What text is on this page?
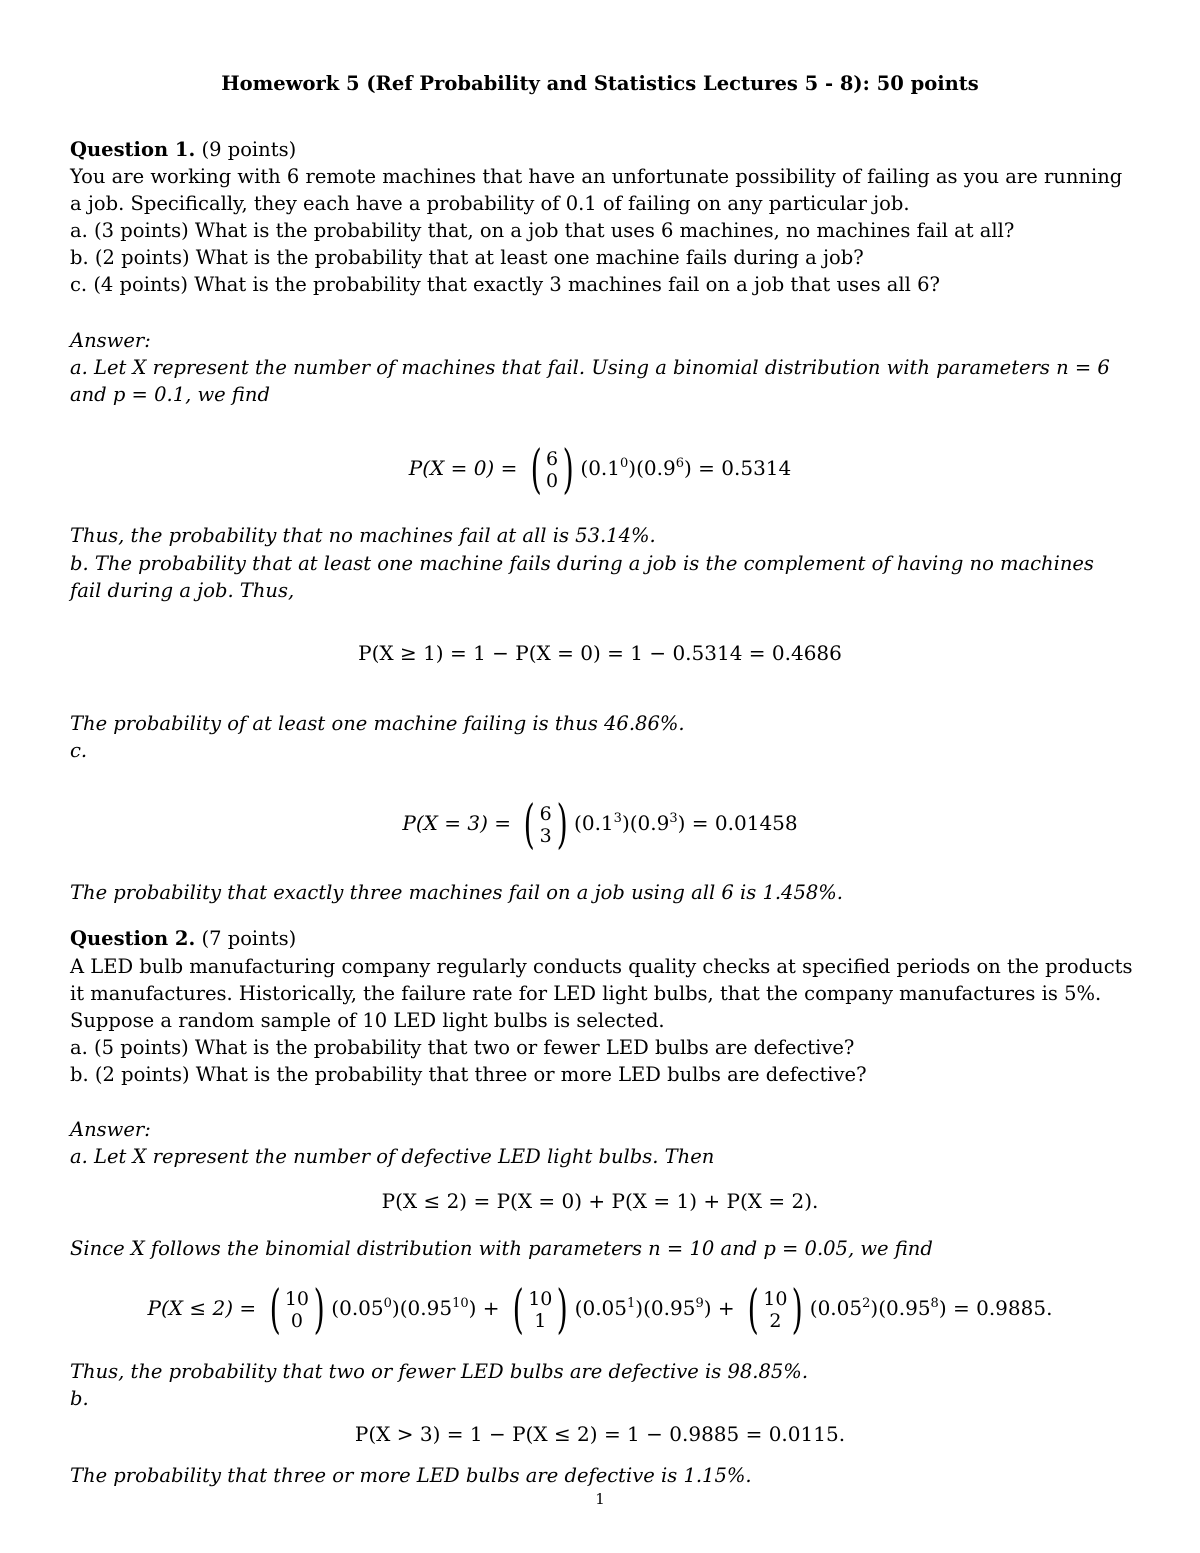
Homework 5 (Ref Probability and Statistics Lectures 5 - 8): 50 points
Question 1. (9 points)
You are working with 6 remote machines that have an unfortunate possibility of failing as you are running
a job. Specifically, they each have a probability of 0.1 of failing on any particular job.
a. (3 points) What is the probability that, on a job that uses 6 machines, no machines fail at all?
b. (2 points) What is the probability that at least one machine fails during a job?
c. (4 points) What is the probability that exactly 3 machines fail on a job that uses all 6?
Answer:
a. Let X represent the number of machines that fail. Using a binomial distribution with parameters n = 6
and p = 0.1, we find
P(X = 0) = ( 6
0 ) $(0.1^0)(0.9^6) = 0.5314$
Thus, the probability that no machines fail at all is 53.14%.
b. The probability that at least one machine fails during a job is the complement of having no machines
fail during a job. Thus,
P(X ≥ 1) = 1 − P(X = 0) = 1 − 0.5314 = 0.4686
The probability of at least one machine failing is thus 46.86%.
c.
P(X = 3) = ( 6
3 ) $(0.1^3)(0.9^3) = 0.01458$
The probability that exactly three machines fail on a job using all 6 is 1.458%.
Question 2. (7 points)
A LED bulb manufacturing company regularly conducts quality checks at specified periods on the products
it manufactures. Historically, the failure rate for LED light bulbs, that the company manufactures is 5%.
Suppose a random sample of 10 LED light bulbs is selected.
a. (5 points) What is the probability that two or fewer LED bulbs are defective?
b. (2 points) What is the probability that three or more LED bulbs are defective?
Answer:
a. Let X represent the number of defective LED light bulbs. Then
P(X ≤ 2) = P(X = 0) + P(X = 1) + P(X = 2).
Since X follows the binomial distribution with parameters n = 10 and p = 0.05, we find
P(X ≤ 2) = ( 10
0 ) $(0.05^0)(0.95^{10})$ + ( 10
1 ) $(0.05^1)(0.95^9)$ + ( 10
2 ) $(0.05^2)(0.95^8) = 0.9885$.
Thus, the probability that two or fewer LED bulbs are defective is 98.85%.
b.
P(X > 3) = 1 − P(X ≤ 2) = 1 − 0.9885 = 0.0115.
The probability that three or more LED bulbs are defective is 1.15%.
1
